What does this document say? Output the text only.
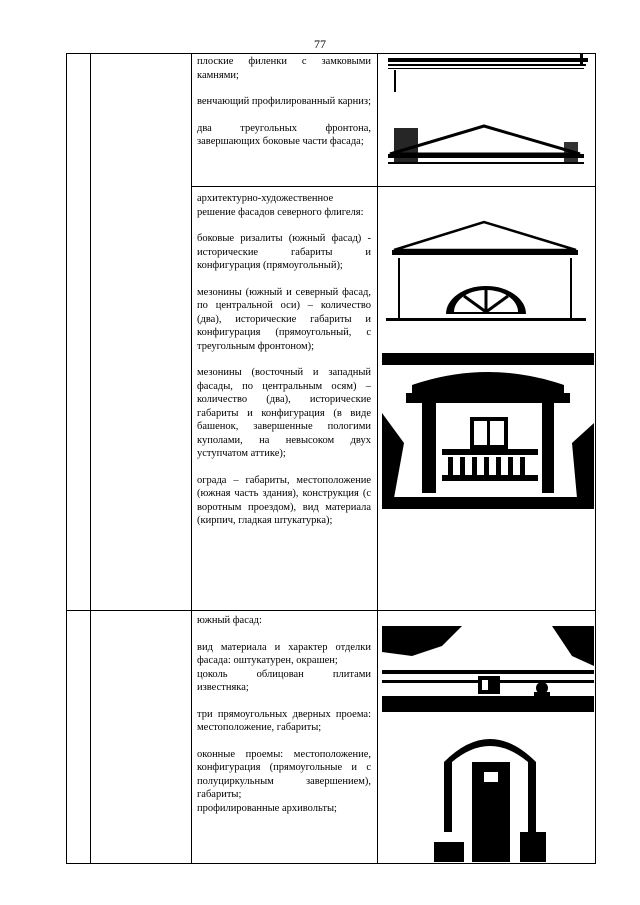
77

плоские филенки с замковыми камнями;

венчающий профилированный карниз;

два треугольных фронтона, завершающих боковые части фасада;

архитектурно-художественное решение фасадов северного флигеля:

боковые ризалиты (южный фасад) - исторические габариты и конфигурация (прямоугольный);

мезонины (южный и северный фасад, по центральной оси) – количество (два), исторические габариты и конфигурация (прямоугольный, с треугольным фронтоном);

мезонины (восточный и западный фасады, по центральным осям) – количество (два), исторические габариты и конфигурация (в виде башенок, завершенные пологими куполами, на невысоком двух уступчатом аттике);

ограда – габариты, местоположение (южная часть здания), конструкция (с воротным проездом), вид материала (кирпич, гладкая штукатурка);

южный фасад:

вид материала и характер отделки фасада: оштукатурен, окрашен;

цоколь облицован плитами известняка;

три прямоугольных дверных проема: местоположение, габариты;

оконные проемы: местоположение, конфигурация (прямоугольные и с полуциркульным завершением), габариты;

профилированные архивольты;
